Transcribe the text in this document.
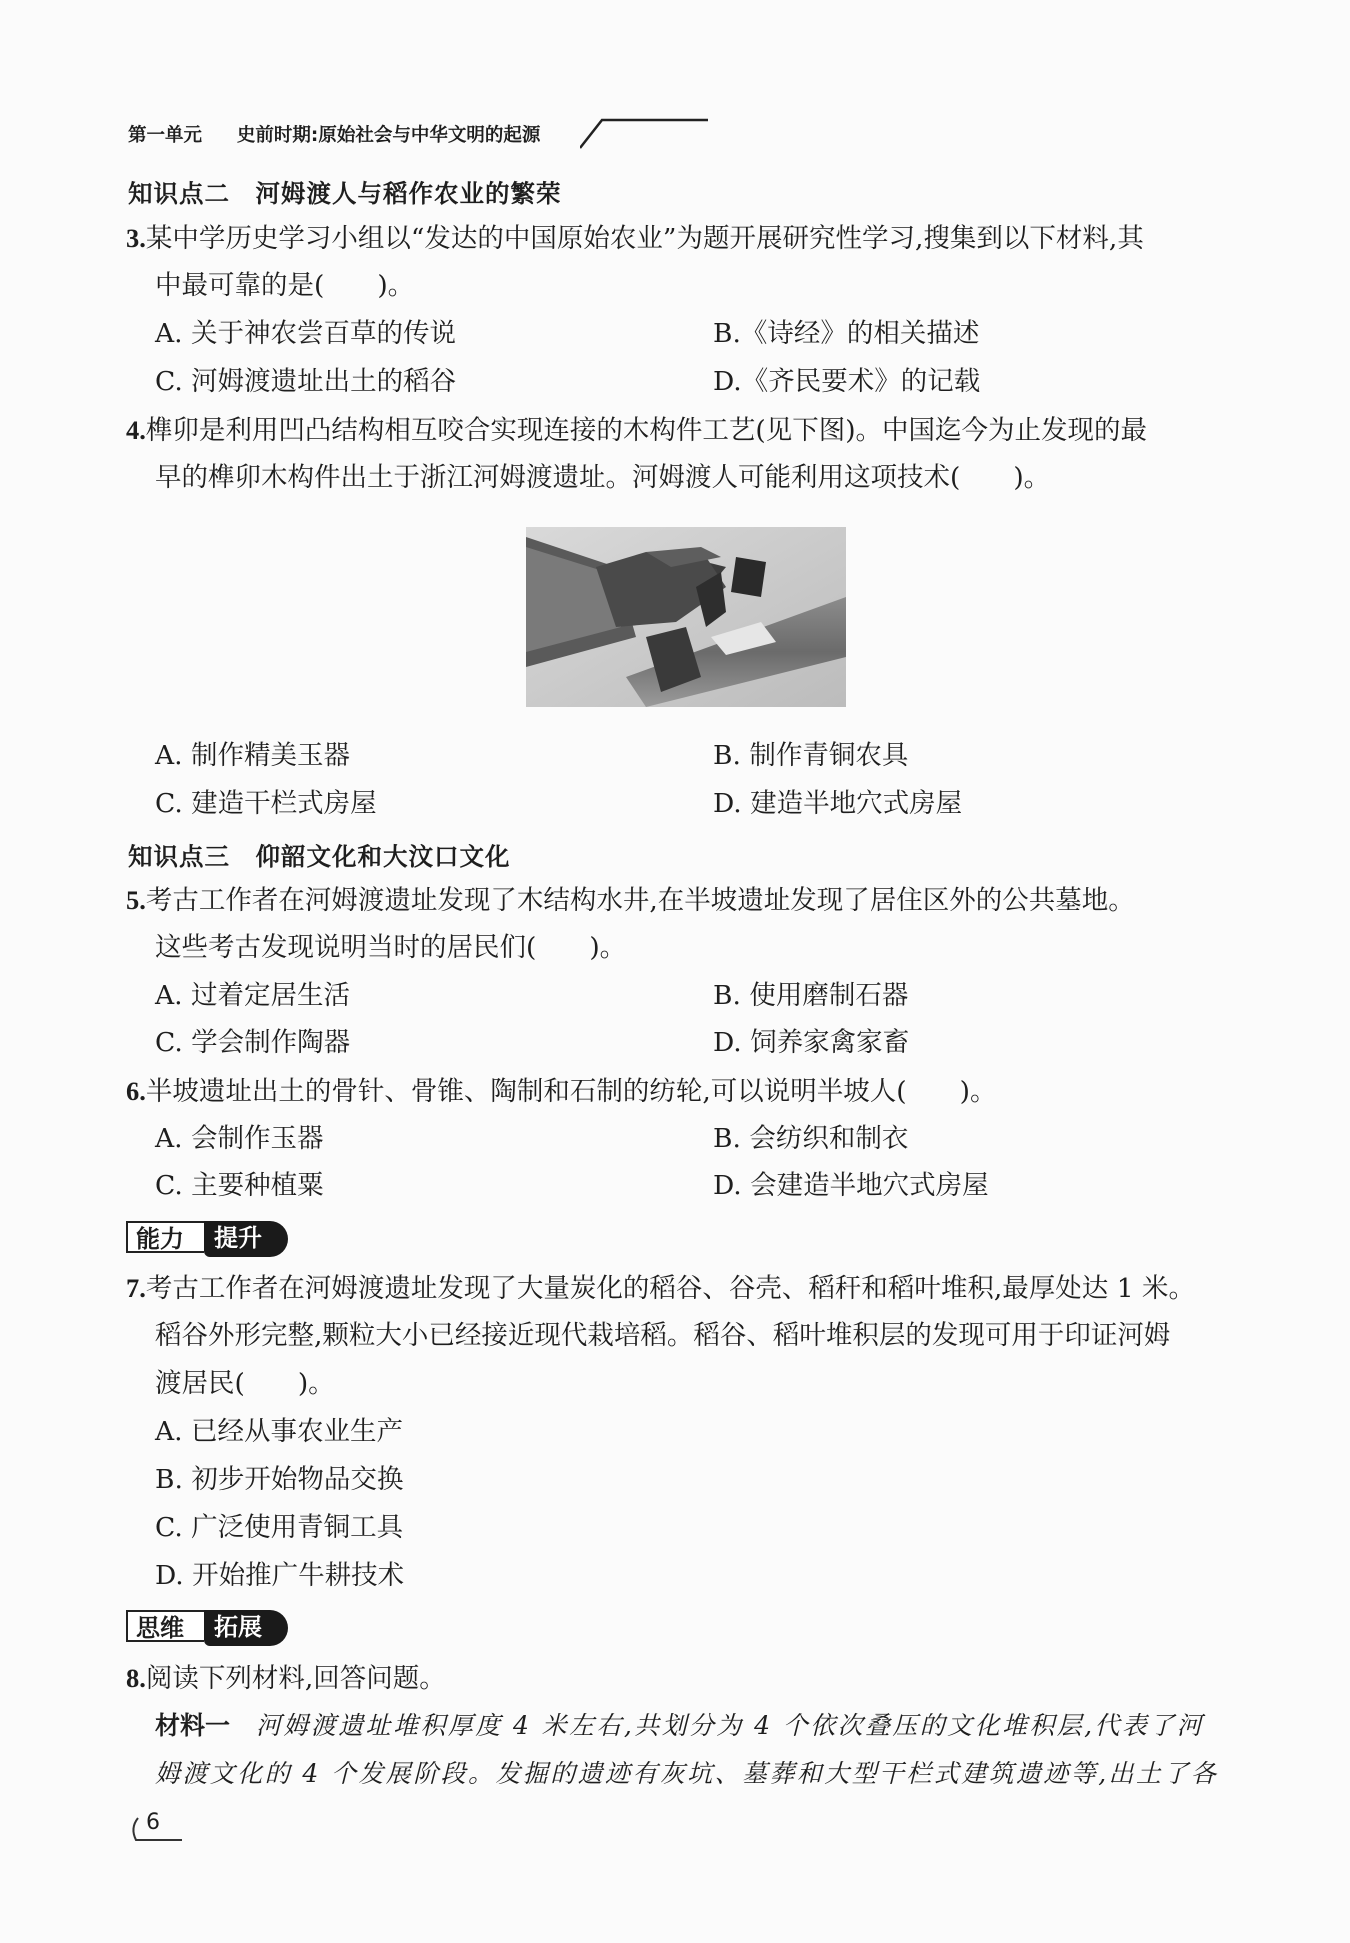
第一单元 史前时期:原始社会与中华文明的起源
知识点二　河姆渡人与稻作农业的繁荣
3.某中学历史学习小组以“发达的中国原始农业”为题开展研究性学习,搜集到以下材料,其
中最可靠的是(　　)。
A. 关于神农尝百草的传说	B.《诗经》的相关描述
C. 河姆渡遗址出土的稻谷	D.《齐民要术》的记载
4.榫卯是利用凹凸结构相互咬合实现连接的木构件工艺(见下图)。中国迄今为止发现的最
早的榫卯木构件出土于浙江河姆渡遗址。河姆渡人可能利用这项技术(　　)。
A. 制作精美玉器	B. 制作青铜农具
C. 建造干栏式房屋	D. 建造半地穴式房屋
知识点三　仰韶文化和大汶口文化
5.考古工作者在河姆渡遗址发现了木结构水井,在半坡遗址发现了居住区外的公共墓地。
这些考古发现说明当时的居民们(　　)。
A. 过着定居生活	B. 使用磨制石器
C. 学会制作陶器	D. 饲养家禽家畜
6.半坡遗址出土的骨针、骨锥、陶制和石制的纺轮,可以说明半坡人(　　)。
A. 会制作玉器	B. 会纺织和制衣
C. 主要种植粟	D. 会建造半地穴式房屋
能力	提升
7.考古工作者在河姆渡遗址发现了大量炭化的稻谷、谷壳、稻秆和稻叶堆积,最厚处达 1 米。
稻谷外形完整,颗粒大小已经接近现代栽培稻。稻谷、稻叶堆积层的发现可用于印证河姆
渡居民(　　)。
A. 已经从事农业生产
B. 初步开始物品交换
C. 广泛使用青铜工具
D. 开始推广牛耕技术
思维	拓展
8.阅读下列材料,回答问题。
材料一 河姆渡遗址堆积厚度 4 米左右,共划分为 4 个依次叠压的文化堆积层,代表了河
姆渡文化的 4 个发展阶段。发掘的遗迹有灰坑、墓葬和大型干栏式建筑遗迹等,出土了各
6
